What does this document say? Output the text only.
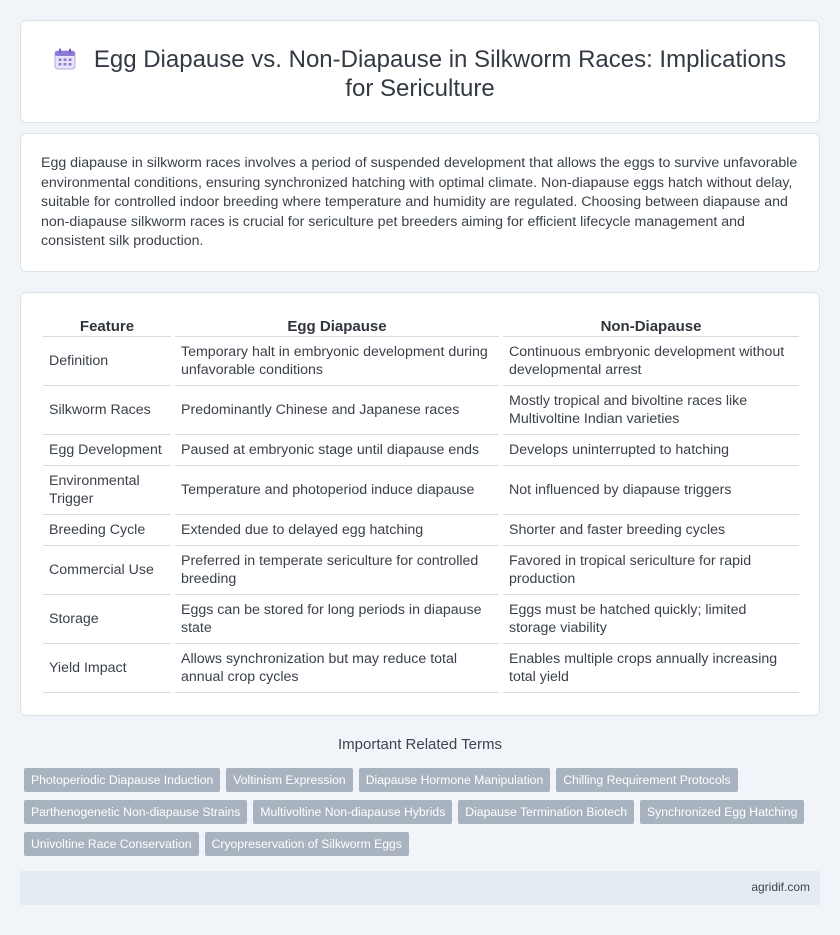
Egg Diapause vs. Non-Diapause in Silkworm Races: Implications for Sericulture

Egg diapause in silkworm races involves a period of suspended development that allows the eggs to survive unfavorable environmental conditions, ensuring synchronized hatching with optimal climate. Non-diapause eggs hatch without delay, suitable for controlled indoor breeding where temperature and humidity are regulated. Choosing between diapause and non-diapause silkworm races is crucial for sericulture pet breeders aiming for efficient lifecycle management and consistent silk production.

Feature		Egg Diapause		Non-Diapause
Definition		Temporary halt in embryonic development during unfavorable conditions		Continuous embryonic development without developmental arrest
Silkworm Races		Predominantly Chinese and Japanese races		Mostly tropical and bivoltine races like Multivoltine Indian varieties
Egg Development		Paused at embryonic stage until diapause ends		Develops uninterrupted to hatching
Environmental Trigger		Temperature and photoperiod induce diapause		Not influenced by diapause triggers
Breeding Cycle		Extended due to delayed egg hatching		Shorter and faster breeding cycles
Commercial Use		Preferred in temperate sericulture for controlled breeding		Favored in tropical sericulture for rapid production
Storage		Eggs can be stored for long periods in diapause state		Eggs must be hatched quickly; limited storage viability
Yield Impact		Allows synchronization but may reduce total annual crop cycles		Enables multiple crops annually increasing total yield
Important Related Terms
Photoperiodic Diapause Induction	Voltinism Expression	Diapause Hormone Manipulation	Chilling Requirement Protocols
Parthenogenetic Non-diapause Strains	Multivoltine Non-diapause Hybrids	Diapause Termination Biotech	Synchronized Egg Hatching
Univoltine Race Conservation	Cryopreservation of Silkworm Eggs
agridif.com
